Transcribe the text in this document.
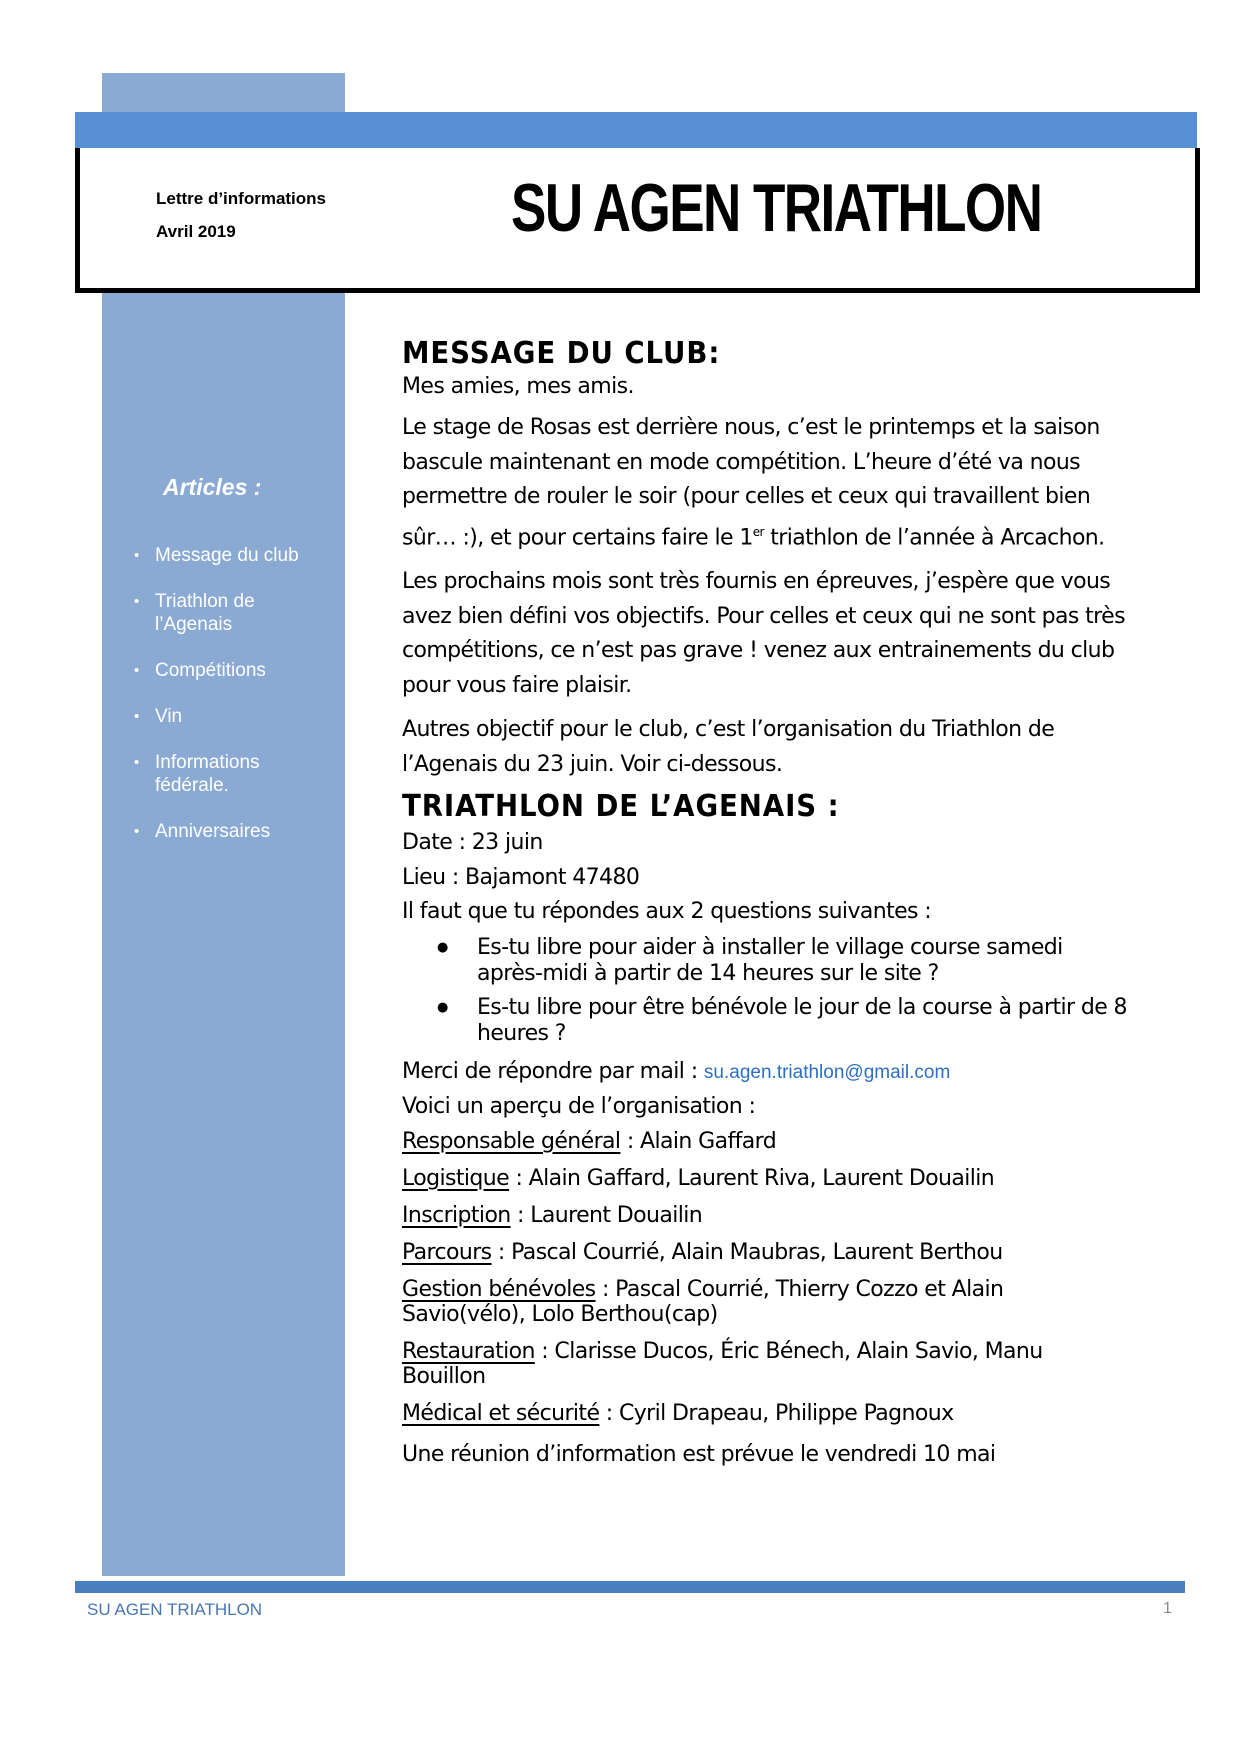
Lettre d’informations
Avril 2019	SU AGEN TRIATHLON
Articles :
• Message du club
• Triathlon de l’Agenais
• Compétitions
• Vin
• Informations fédérale.
• Anniversaires
MESSAGE DU CLUB:

Mes amies, mes amis.

Le stage de Rosas est derrière nous, c’est le printemps et la saison bascule maintenant en mode compétition. L’heure d’été va nous permettre de rouler le soir (pour celles et ceux qui travaillent bien sûr… :), et pour certains faire le 1er triathlon de l’année à Arcachon.

Les prochains mois sont très fournis en épreuves, j’espère que vous avez bien défini vos objectifs. Pour celles et ceux qui ne sont pas très compétitions, ce n’est pas grave ! venez aux entrainements du club pour vous faire plaisir.

Autres objectif pour le club, c’est l’organisation du Triathlon de l’Agenais du 23 juin. Voir ci-dessous.

TRIATHLON DE L’AGENAIS :

Date : 23 juin

Lieu : Bajamont 47480

Il faut que tu répondes aux 2 questions suivantes :

● Es-tu libre pour aider à installer le village course samedi après-midi à partir de 14 heures sur le site ?
● Es-tu libre pour être bénévole le jour de la course à partir de 8 heures ?

Merci de répondre par mail : su.agen.triathlon@gmail.com

Voici un aperçu de l’organisation :

Responsable général : Alain Gaffard

Logistique : Alain Gaffard, Laurent Riva, Laurent Douailin

Inscription : Laurent Douailin

Parcours : Pascal Courrié, Alain Maubras, Laurent Berthou

Gestion bénévoles : Pascal Courrié, Thierry Cozzo et Alain Savio(vélo), Lolo Berthou(cap)

Restauration : Clarisse Ducos, Éric Bénech, Alain Savio, Manu Bouillon

Médical et sécurité : Cyril Drapeau, Philippe Pagnoux

Une réunion d’information est prévue le vendredi 10 mai

SU AGEN TRIATHLON	1
